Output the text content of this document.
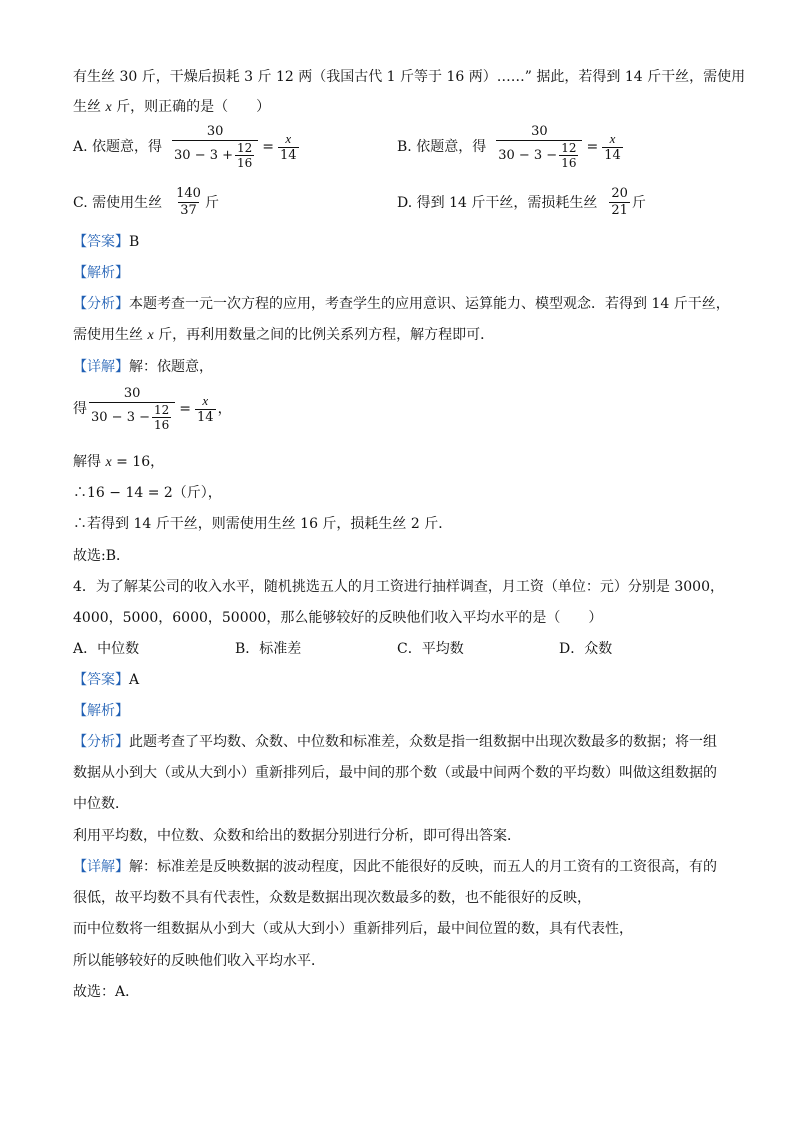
有生丝 30 斤，干燥后损耗 3 斤 12 两（我国古代 1 斤等于 16 两）……” 据此，若得到 14 斤干丝，需使用
生丝 x 斤，则正确的是（　　）
A. 依题意，得 $\frac{30}{30 - 3 + \frac{12}{16}} = \frac{x}{14}$	B. 依题意，得 $\frac{30}{30 - 3 - \frac{12}{16}} = \frac{x}{14}$
C. 需使用生丝 $\frac{140}{37}$ 斤	D. 得到 14 斤干丝，需损耗生丝 $\frac{20}{21}$ 斤
【答案】B
【解析】
【分析】本题考查一元一次方程的应用，考查学生的应用意识、运算能力、模型观念．若得到 14 斤干丝，
需使用生丝 x 斤，再利用数量之间的比例关系列方程，解方程即可．
【详解】解：依题意，
得 $\frac{30}{30 - 3 - \frac{12}{16}} = \frac{x}{14}$ ，
解得 x = 16，
∴16 − 14 = 2（斤），
∴若得到 14 斤干丝，则需使用生丝 16 斤，损耗生丝 2 斤．
故选:B．
4．为了解某公司的收入水平，随机挑选五人的月工资进行抽样调查，月工资（单位：元）分别是 3000，
4000，5000，6000，50000，那么能够较好的反映他们收入平均水平的是（　　）
A．中位数	B．标准差	C．平均数	D．众数
【答案】A
【解析】
【分析】此题考查了平均数、众数、中位数和标准差，众数是指一组数据中出现次数最多的数据；将一组
数据从小到大（或从大到小）重新排列后，最中间的那个数（或最中间两个数的平均数）叫做这组数据的
中位数．
利用平均数，中位数、众数和给出的数据分别进行分析，即可得出答案．
【详解】解：标准差是反映数据的波动程度，因此不能很好的反映，而五人的月工资有的工资很高，有的
很低，故平均数不具有代表性，众数是数据出现次数最多的数，也不能很好的反映，
而中位数将一组数据从小到大（或从大到小）重新排列后，最中间位置的数，具有代表性，
所以能够较好的反映他们收入平均水平．
故选：A．
